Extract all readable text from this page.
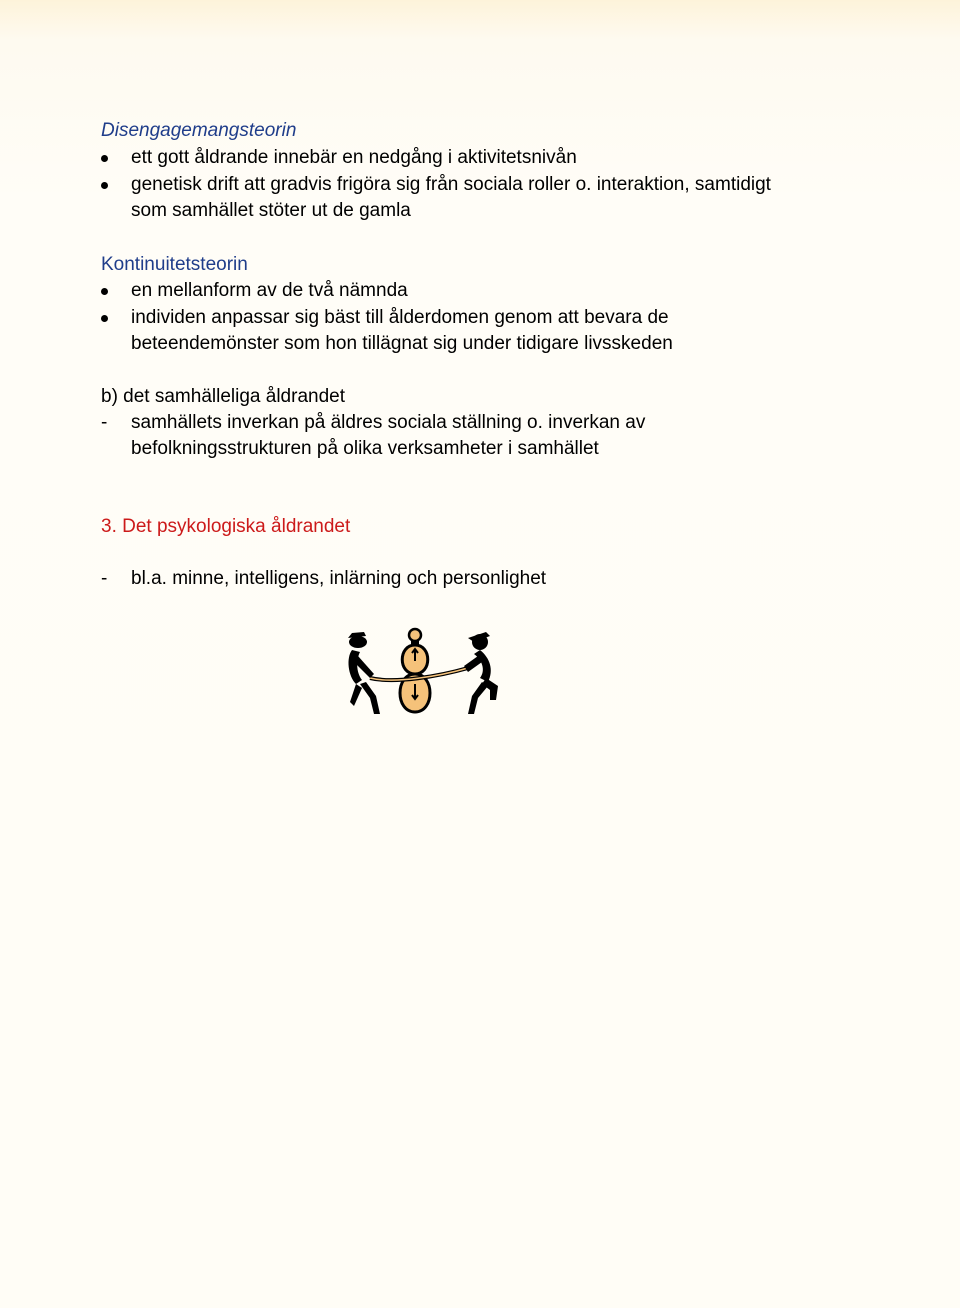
Disengagemangsteorin
ett gott åldrande innebär en nedgång i aktivitetsnivån
genetisk drift att gradvis frigöra sig från sociala roller o. interaktion, samtidigt
som samhället stöter ut de gamla
Kontinuitetsteorin
en mellanform av de två nämnda
individen anpassar sig bäst till ålderdomen genom att bevara de
beteendemönster som hon tillägnat sig under tidigare livsskeden
b) det samhälleliga åldrandet
- samhällets inverkan på äldres sociala ställning o. inverkan av
befolkningsstrukturen på olika verksamheter i samhället
3. Det psykologiska åldrandet
- bl.a. minne, intelligens, inlärning och personlighet
